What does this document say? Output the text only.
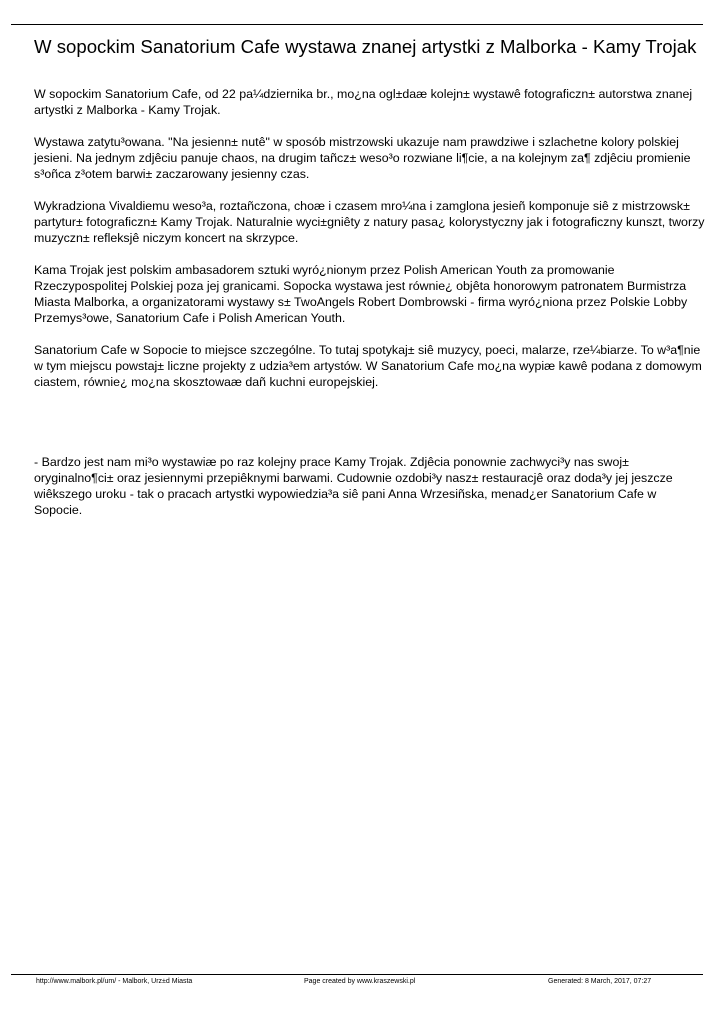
W sopockim Sanatorium Cafe wystawa znanej artystki z Malborka - Kamy Trojak

W sopockim Sanatorium Cafe, od 22 pa¼dziernika br., mo¿na ogl±daæ kolejn± wystawê fotograficzn± autorstwa znanej artystki z Malborka - Kamy Trojak.

Wystawa zatytu³owana. "Na jesienn± nutê" w sposób mistrzowski ukazuje nam prawdziwe i szlachetne kolory polskiej jesieni. Na jednym zdjêciu panuje chaos, na drugim tañcz± weso³o rozwiane li¶cie, a na kolejnym za¶ zdjêciu promienie s³oñca z³otem barwi± zaczarowany jesienny czas.

Wykradziona Vivaldiemu weso³a, roztañczona, choæ i czasem mro¼na i zamglona jesieñ komponuje siê z mistrzowsk± partytur± fotograficzn± Kamy Trojak. Naturalnie wyci±gniêty z natury pasa¿ kolorystyczny jak i fotograficzny kunszt, tworzy muzyczn± refleksjê niczym koncert na skrzypce.

Kama Trojak jest polskim ambasadorem sztuki wyró¿nionym przez Polish American Youth za promowanie Rzeczypospolitej Polskiej poza jej granicami. Sopocka wystawa jest równie¿ objêta honorowym patronatem Burmistrza Miasta Malborka, a organizatorami wystawy s± TwoAngels Robert Dombrowski - firma wyró¿niona przez Polskie Lobby Przemys³owe, Sanatorium Cafe i Polish American Youth.

Sanatorium Cafe w Sopocie to miejsce szczególne. To tutaj spotykaj± siê muzycy, poeci, malarze, rze¼biarze. To w³a¶nie w tym miejscu powstaj± liczne projekty z udzia³em artystów. W Sanatorium Cafe mo¿na wypiæ kawê podana z domowym ciastem, równie¿ mo¿na skosztowaæ dañ kuchni europejskiej.

- Bardzo jest nam mi³o wystawiæ po raz kolejny prace Kamy Trojak. Zdjêcia ponownie zachwyci³y nas swoj± oryginalno¶ci± oraz jesiennymi przepiêknymi barwami. Cudownie ozdobi³y nasz± restauracjê oraz doda³y jej jeszcze wiêkszego uroku - tak o pracach artystki wypowiedzia³a siê pani Anna Wrzesiñska, menad¿er Sanatorium Cafe w Sopocie.

http://www.malbork.pl/um/ - Malbork, Urz±d Miasta	Page created by www.kraszewski.pl	Generated: 8 March, 2017, 07:27
